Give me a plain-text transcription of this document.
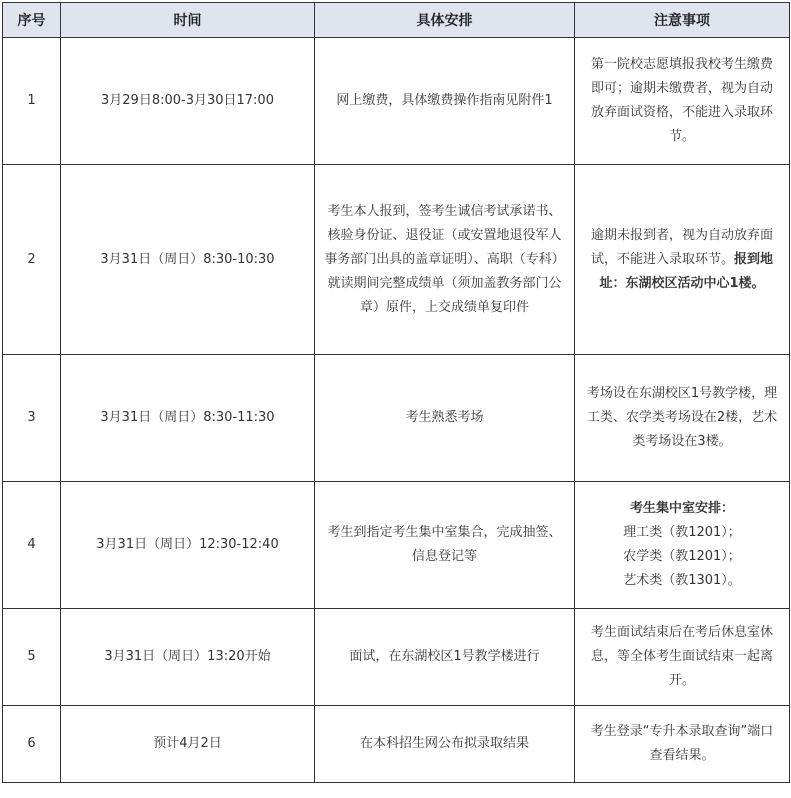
序号	时间	具体安排	注意事项
1	3月29日8:00-3月30日17:00	网上缴费，具体缴费操作指南见附件1	第一院校志愿填报我校考生缴费即可；逾期未缴费者，视为自动放弃面试资格，不能进入录取环节。
2	3月31日（周日）8:30-10:30	考生本人报到，签考生诚信考试承诺书、核验身份证、退役证（或安置地退役军人事务部门出具的盖章证明）、高职（专科）就读期间完整成绩单（须加盖教务部门公章）原件，上交成绩单复印件	逾期未报到者，视为自动放弃面试，不能进入录取环节。报到地址：东湖校区活动中心1楼。
3	3月31日（周日）8:30-11:30	考生熟悉考场	考场设在东湖校区1号教学楼，理工类、农学类考场设在2楼，艺术类考场设在3楼。
4	3月31日（周日）12:30-12:40	考生到指定考生集中室集合，完成抽签、信息登记等	考生集中室安排：
理工类（教1201）；
农学类（教1201）；
艺术类（教1301）。

5	3月31日（周日）13:20开始	面试，在东湖校区1号教学楼进行	考生面试结束后在考后休息室休息，等全体考生面试结束一起离开。
6	预计4月2日	在本科招生网公布拟录取结果	考生登录“专升本录取查询”端口查看结果。
